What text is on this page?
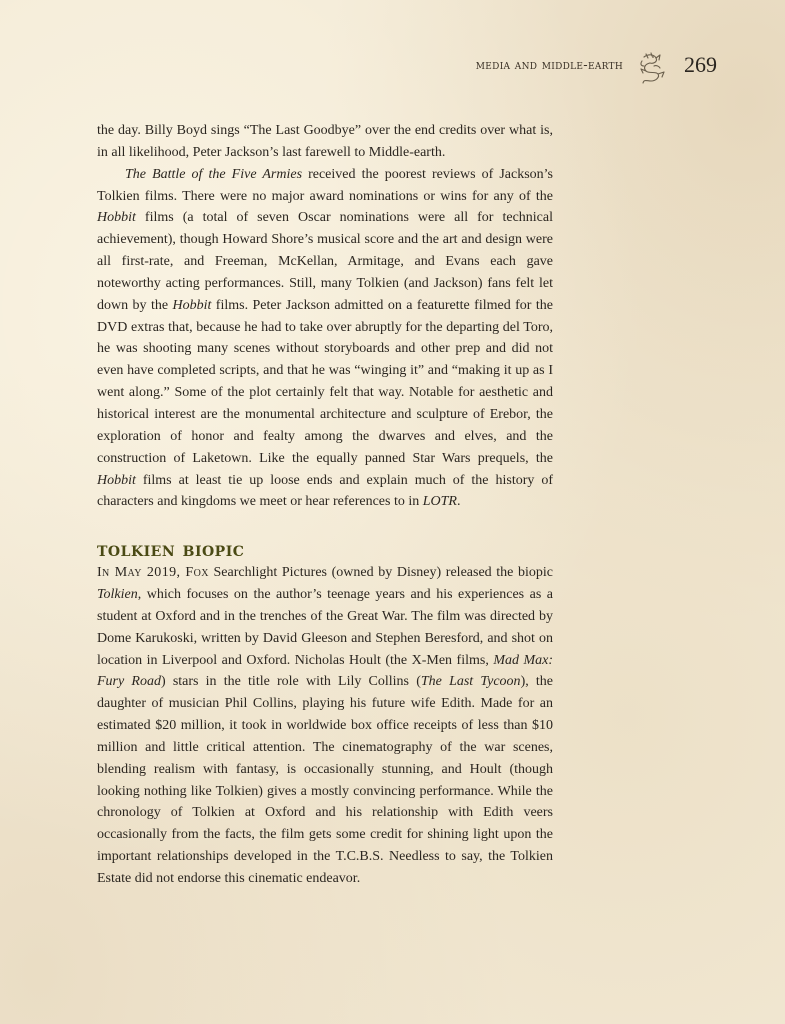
media and middle-earth	269

the day. Billy Boyd sings “The Last Goodbye” over the end credits over what is, in all likelihood, Peter Jackson’s last farewell to Middle-earth.

The Battle of the Five Armies received the poorest reviews of Jackson’s Tolkien films. There were no major award nominations or wins for any of the Hobbit films (a total of seven Oscar nominations were all for technical achievement), though Howard Shore’s musical score and the art and design were all first-rate, and Freeman, McKellan, Armitage, and Evans each gave noteworthy acting performances. Still, many Tolkien (and Jackson) fans felt let down by the Hobbit films. Peter Jackson admitted on a featurette filmed for the DVD extras that, because he had to take over abruptly for the departing del Toro, he was shooting many scenes without storyboards and other prep and did not even have completed scripts, and that he was “winging it” and “making it up as I went along.” Some of the plot certainly felt that way. Notable for aesthetic and historical interest are the monumental architecture and sculpture of Erebor, the exploration of honor and fealty among the dwarves and elves, and the construction of Laketown. Like the equally panned Star Wars prequels, the Hobbit films at least tie up loose ends and explain much of the history of characters and kingdoms we meet or hear references to in LOTR.

tolkien biopic

In May 2019, Fox Searchlight Pictures (owned by Disney) released the biopic Tolkien, which focuses on the author’s teenage years and his experiences as a student at Oxford and in the trenches of the Great War. The film was directed by Dome Karukoski, written by David Gleeson and Stephen Beresford, and shot on location in Liverpool and Oxford. Nicholas Hoult (the X-Men films, Mad Max: Fury Road) stars in the title role with Lily Collins (The Last Tycoon), the daughter of musician Phil Collins, playing his future wife Edith. Made for an estimated $20 million, it took in worldwide box office receipts of less than $10 million and little critical attention. The cinematography of the war scenes, blending realism with fantasy, is occasionally stunning, and Hoult (though looking nothing like Tolkien) gives a mostly convincing performance. While the chronology of Tolkien at Oxford and his relationship with Edith veers occasionally from the facts, the film gets some credit for shining light upon the important relationships developed in the T.C.B.S. Needless to say, the Tolkien Estate did not endorse this cinematic endeavor.
